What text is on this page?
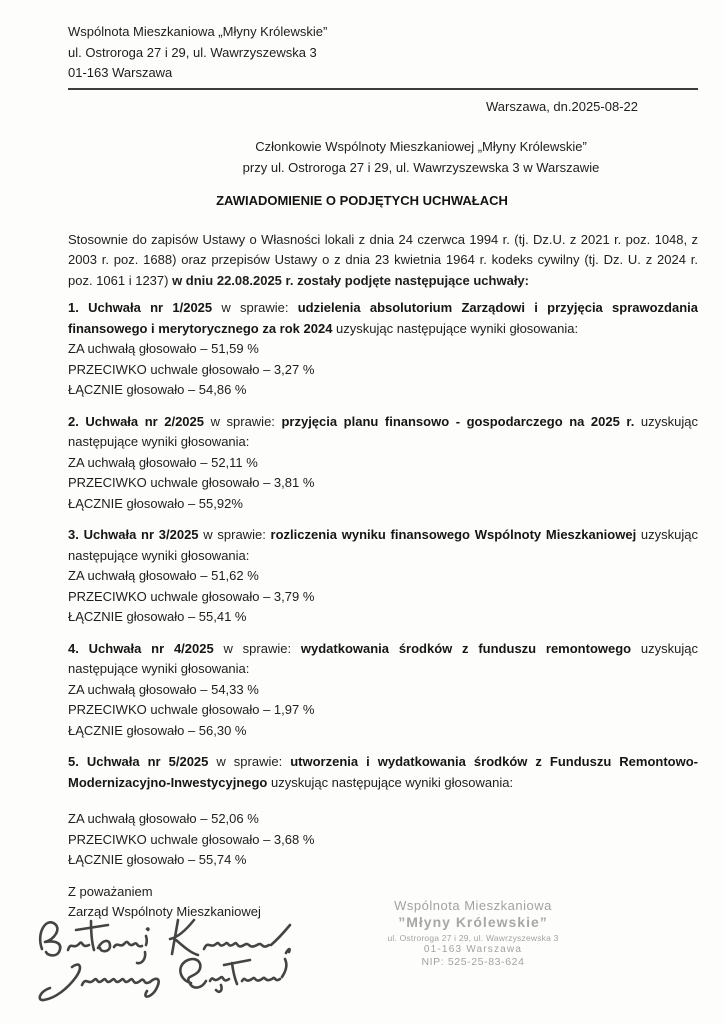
Wspólnota Mieszkaniowa „Młyny Królewskie”

ul. Ostroroga 27 i 29, ul. Wawrzyszewska 3

01-163 Warszawa

Warszawa, dn.2025-08-22

Członkowie Wspólnoty Mieszkaniowej „Młyny Królewskie”

przy ul. Ostroroga 27 i 29, ul. Wawrzyszewska 3 w Warszawie

ZAWIADOMIENIE O PODJĘTYCH UCHWAŁACH

Stosownie do zapisów Ustawy o Własności lokali z dnia 24 czerwca 1994 r. (tj. Dz.U. z 2021 r. poz. 1048, z 2003 r. poz. 1688) oraz przepisów Ustawy o z dnia 23 kwietnia 1964 r. kodeks cywilny (tj. Dz. U. z 2024 r. poz. 1061 i 1237) w dniu 22.08.2025 r. zostały podjęte następujące uchwały:

1. Uchwała nr 1/2025 w sprawie: udzielenia absolutorium Zarządowi i przyjęcia sprawozdania finansowego i merytorycznego za rok 2024 uzyskując następujące wyniki głosowania:

ZA uchwałą głosowało – 51,59 %

PRZECIWKO uchwale głosowało – 3,27 %

ŁĄCZNIE głosowało – 54,86 %

2. Uchwała nr 2/2025 w sprawie: przyjęcia planu finansowo - gospodarczego na 2025 r. uzyskując następujące wyniki głosowania:

ZA uchwałą głosowało – 52,11 %

PRZECIWKO uchwale głosowało – 3,81 %

ŁĄCZNIE głosowało – 55,92%

3. Uchwała nr 3/2025 w sprawie: rozliczenia wyniku finansowego Wspólnoty Mieszkaniowej uzyskując następujące wyniki głosowania:

ZA uchwałą głosowało – 51,62 %

PRZECIWKO uchwale głosowało – 3,79 %

ŁĄCZNIE głosowało – 55,41 %

4. Uchwała nr 4/2025 w sprawie: wydatkowania środków z funduszu remontowego uzyskując następujące wyniki głosowania:

ZA uchwałą głosowało – 54,33 %

PRZECIWKO uchwale głosowało – 1,97 %

ŁĄCZNIE głosowało – 56,30 %

5. Uchwała nr 5/2025 w sprawie: utworzenia i wydatkowania środków z Funduszu Remontowo-Modernizacyjno-Inwestycyjnego uzyskując następujące wyniki głosowania:

ZA uchwałą głosowało – 52,06 %

PRZECIWKO uchwale głosowało – 3,68 %

ŁĄCZNIE głosowało – 55,74 %

Z poważaniem

Zarząd Wspólnoty Mieszkaniowej	Wspólnota Mieszkaniowa
”Młyny Królewskie”
ul. Ostroroga 27 i 29, ul. Wawrzyszewska 3
01-163 Warszawa
NIP: 525-25-83-624
